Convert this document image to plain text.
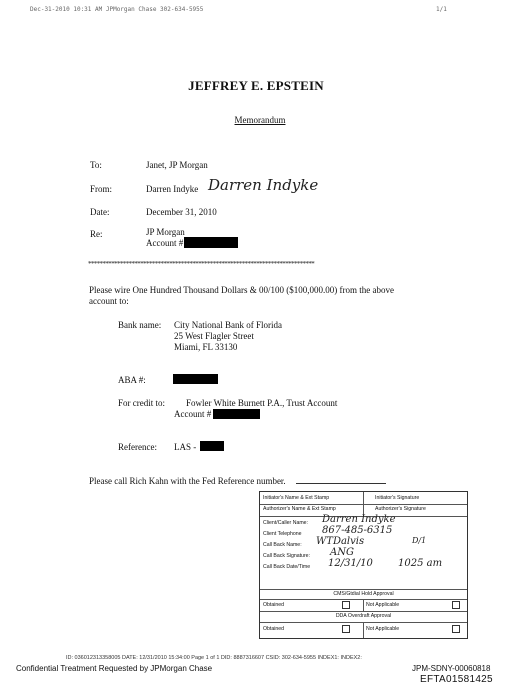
Dec-31-2010 10:31 AM JPMorgan Chase 302-634-5955	1/1
JEFFREY E. EPSTEIN
Memorandum
To:	Janet, JP Morgan
From:	Darren Indyke Darren Indyke
Date:	December 31, 2010
Re:	JP Morgan
Account #
******************************************************************************
Please wire One Hundred Thousand Dollars & 00/100 ($100,000.00) from the above
account to:
Bank name: City National Bank of Florida
25 West Flagler Street
Miami, FL 33130
ABA #:
For credit to: Fowler White Burnett P.A., Trust Account
Account #
Reference: LAS -
Please call Rich Kahn with the Fed Reference number.
Initiator's Name & Ext Stamp	Initiator's Signature
Authorizer's Name & Ext Stamp	Authorizer's Signature
Client/Caller Name: Darren Indyke
Client Telephone 867-485-6315
Call Back Name: WTDalvis	D/1
Call Back Signature: ANG
Call Back Date/Time 12/31/10	1025 am
CMS/Gtdial Hold Approval
Obtained	Not Applicable
DDA Overdraft Approval
Obtained	Not Applicable
ID: 036012313358005 DATE: 12/31/2010 15:34:00 Page 1 of 1 DID: 8887316607 CSID: 302-634-5955 INDEX1: INDEX2:
Confidential Treatment Requested by JPMorgan Chase	JPM-SDNY-00060818
EFTA01581425
